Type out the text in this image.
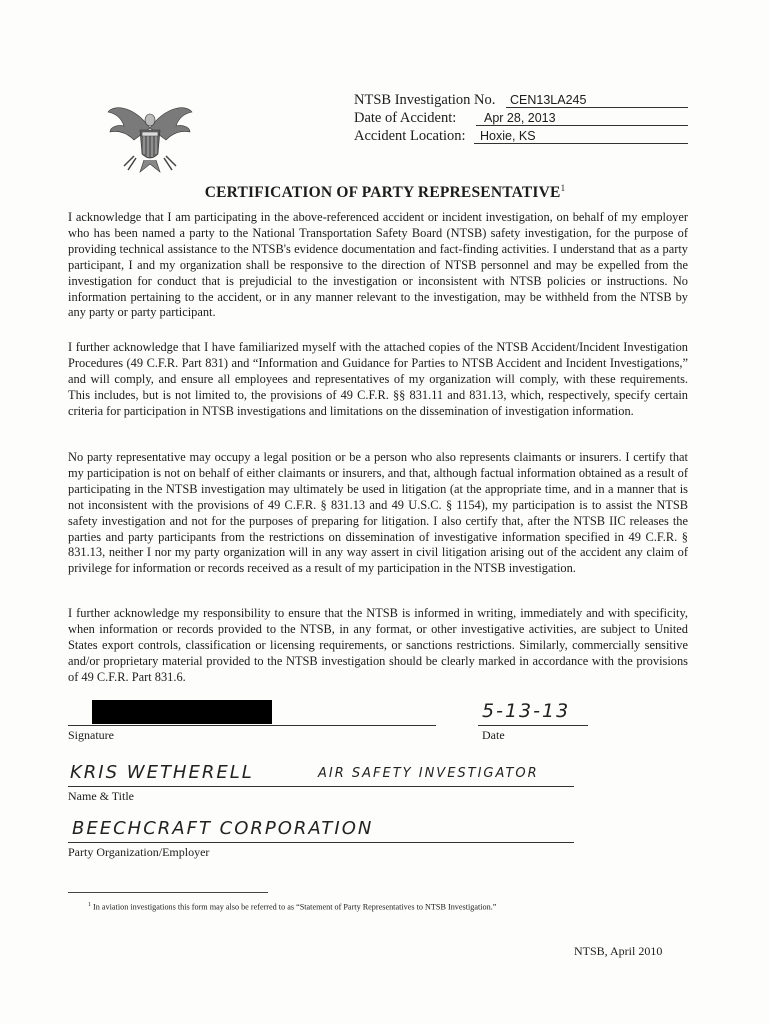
NTSB Investigation No. CEN13LA245
Date of Accident: Apr 28, 2013
Accident Location: Hoxie, KS
CERTIFICATION OF PARTY REPRESENTATIVE$^1$

I acknowledge that I am participating in the above-referenced accident or incident investigation, on behalf of my employer who has been named a party to the National Transportation Safety Board (NTSB) safety investigation, for the purpose of providing technical assistance to the NTSB's evidence documentation and fact-finding activities. I understand that as a party participant, I and my organization shall be responsive to the direction of NTSB personnel and may be expelled from the investigation for conduct that is prejudicial to the investigation or inconsistent with NTSB policies or instructions. No information pertaining to the accident, or in any manner relevant to the investigation, may be withheld from the NTSB by any party or party participant.

I further acknowledge that I have familiarized myself with the attached copies of the NTSB Accident/Incident Investigation Procedures (49 C.F.R. Part 831) and “Information and Guidance for Parties to NTSB Accident and Incident Investigations,” and will comply, and ensure all employees and representatives of my organization will comply, with these requirements. This includes, but is not limited to, the provisions of 49 C.F.R. §§ 831.11 and 831.13, which, respectively, specify certain criteria for participation in NTSB investigations and limitations on the dissemination of investigation information.

No party representative may occupy a legal position or be a person who also represents claimants or insurers. I certify that my participation is not on behalf of either claimants or insurers, and that, although factual information obtained as a result of participating in the NTSB investigation may ultimately be used in litigation (at the appropriate time, and in a manner that is not inconsistent with the provisions of 49 C.F.R. § 831.13 and 49 U.S.C. § 1154), my participation is to assist the NTSB safety investigation and not for the purposes of preparing for litigation. I also certify that, after the NTSB IIC releases the parties and party participants from the restrictions on dissemination of investigative information specified in 49 C.F.R. § 831.13, neither I nor my party organization will in any way assert in civil litigation arising out of the accident any claim of privilege for information or records received as a result of my participation in the NTSB investigation.

I further acknowledge my responsibility to ensure that the NTSB is informed in writing, immediately and with specificity, when information or records provided to the NTSB, in any format, or other investigative activities, are subject to United States export controls, classification or licensing requirements, or sanctions restrictions. Similarly, commercially sensitive and/or proprietary material provided to the NTSB investigation should be clearly marked in accordance with the provisions of 49 C.F.R. Part 831.6.

Signature	Date
5-13-13
KRIS WETHERELL	AIR SAFETY INVESTIGATOR
Name & Title
BEECHCRAFT CORPORATION
Party Organization/Employer
$^1$ In aviation investigations this form may also be referred to as “Statement of Party Representatives to NTSB Investigation.”
NTSB, April 2010
